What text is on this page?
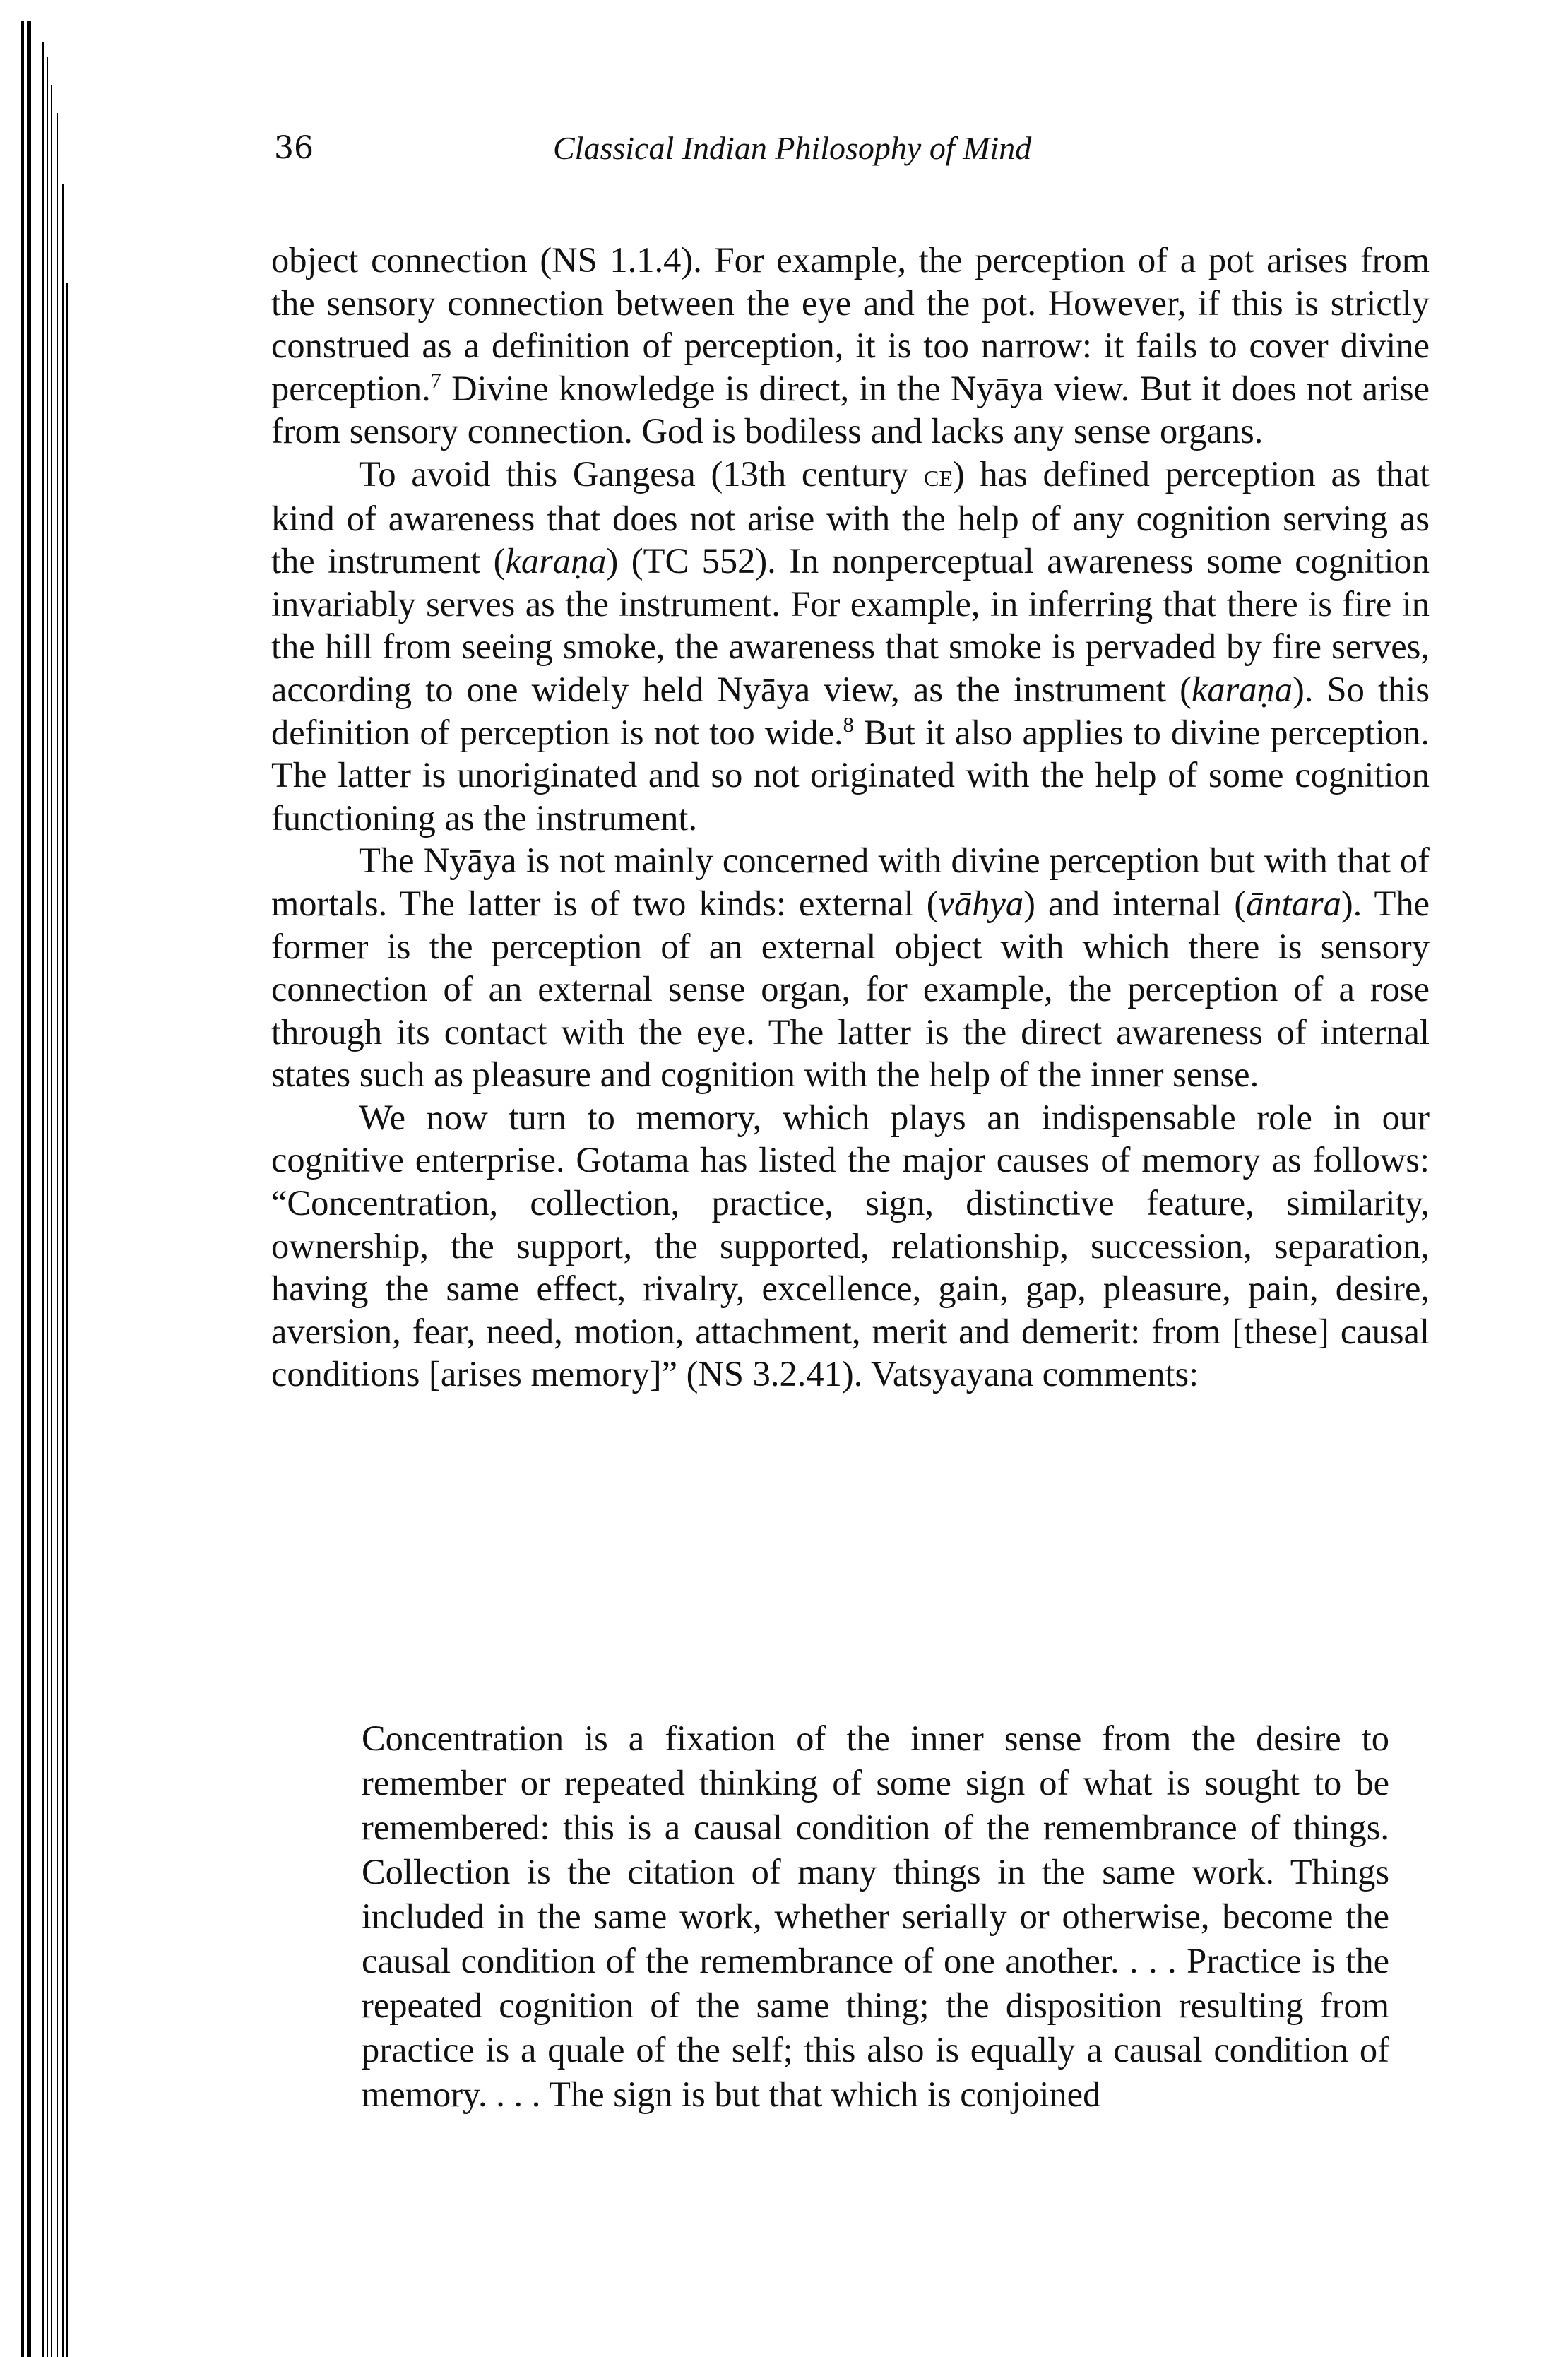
36	Classical Indian Philosophy of Mind

object connection (NS 1.1.4). For example, the perception of a pot arises from the sensory connection between the eye and the pot. However, if this is strictly construed as a definition of perception, it is too narrow: it fails to cover divine perception.$^7$ Divine knowledge is direct, in the Nyāya view. But it does not arise from sensory connection. God is bodiless and lacks any sense organs.

To avoid this Gangesa (13th century ce) has defined perception as that kind of awareness that does not arise with the help of any cognition serving as the instrument (karaṇa) (TC 552). In nonperceptual awareness some cognition invariably serves as the instrument. For example, in inferring that there is fire in the hill from seeing smoke, the awareness that smoke is pervaded by fire serves, according to one widely held Nyāya view, as the instrument (karaṇa). So this definition of perception is not too wide.$^8$ But it also applies to divine perception. The latter is unoriginated and so not originated with the help of some cognition functioning as the instrument.

The Nyāya is not mainly concerned with divine perception but with that of mortals. The latter is of two kinds: external (vāhya) and internal (āntara). The former is the perception of an external object with which there is sensory connection of an external sense organ, for example, the perception of a rose through its contact with the eye. The latter is the direct awareness of internal states such as pleasure and cognition with the help of the inner sense.

We now turn to memory, which plays an indispensable role in our cognitive enterprise. Gotama has listed the major causes of memory as follows: “Concentration, collection, practice, sign, distinctive feature, similarity, ownership, the support, the supported, relationship, succession, separation, having the same effect, rivalry, excellence, gain, gap, pleasure, pain, desire, aversion, fear, need, motion, attachment, merit and demerit: from [these] causal conditions [arises memory]” (NS 3.2.41). Vatsyayana comments:

Concentration is a fixation of the inner sense from the desire to remember or repeated thinking of some sign of what is sought to be remembered: this is a causal condition of the remembrance of things. Collection is the citation of many things in the same work. Things included in the same work, whether serially or otherwise, become the causal condition of the remembrance of one another. . . . Practice is the repeated cognition of the same thing; the disposition resulting from practice is a quale of the self; this also is equally a causal condition of memory. . . . The sign is but that which is conjoined
